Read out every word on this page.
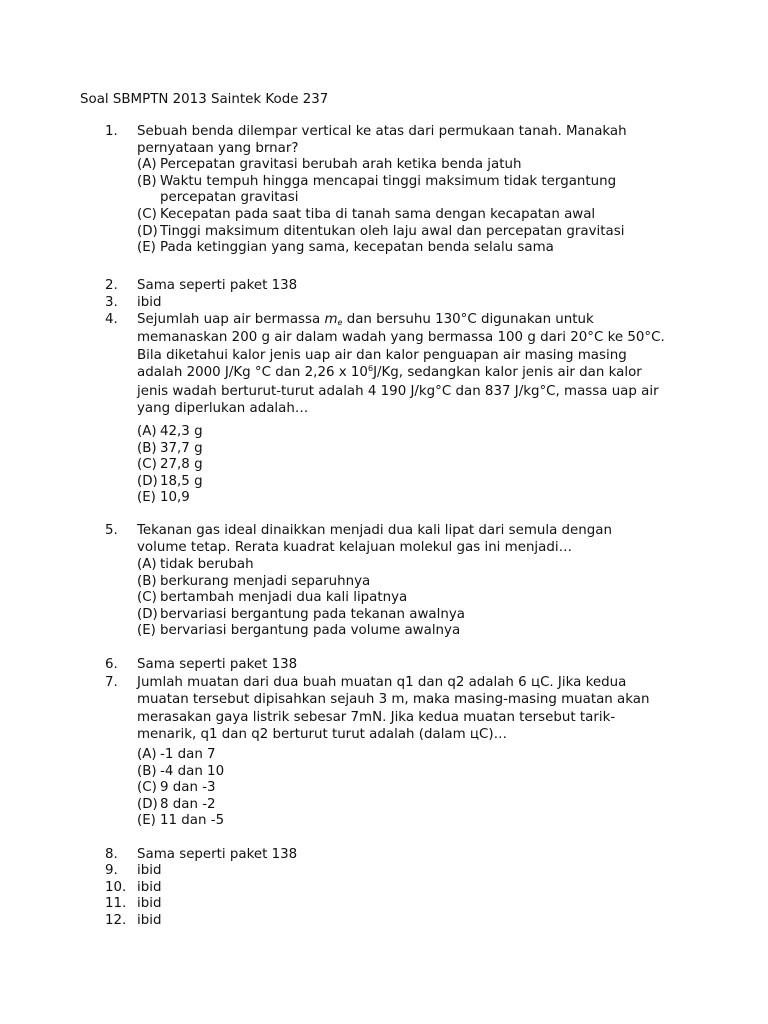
Soal SBMPTN 2013 Saintek Kode 237
1. Sebuah benda dilempar vertical ke atas dari permukaan tanah. Manakah
pernyataan yang brnar?
(A) Percepatan gravitasi berubah arah ketika benda jatuh
(B) Waktu tempuh hingga mencapai tinggi maksimum tidak tergantung
percepatan gravitasi
(C) Kecepatan pada saat tiba di tanah sama dengan kecapatan awal
(D) Tinggi maksimum ditentukan oleh laju awal dan percepatan gravitasi
(E) Pada ketinggian yang sama, kecepatan benda selalu sama
2. Sama seperti paket 138
3. ibid
4. Sejumlah uap air bermassa me dan bersuhu 130°C digunakan untuk
memanaskan 200 g air dalam wadah yang bermassa 100 g dari 20°C ke 50°C.
Bila diketahui kalor jenis uap air dan kalor penguapan air masing masing
adalah 2000 J/Kg °C dan 2,26 x $10^6J/Kg$, sedangkan kalor jenis air dan kalor
jenis wadah berturut-turut adalah 4 190 J/kg°C dan 837 J/kg°C, massa uap air
yang diperlukan adalah…
(A) 42,3 g
(B) 37,7 g
(C) 27,8 g
(D) 18,5 g
(E) 10,9
5. Tekanan gas ideal dinaikkan menjadi dua kali lipat dari semula dengan
volume tetap. Rerata kuadrat kelajuan molekul gas ini menjadi…
(A) tidak berubah
(B) berkurang menjadi separuhnya
(C) bertambah menjadi dua kali lipatnya
(D) bervariasi bergantung pada tekanan awalnya
(E) bervariasi bergantung pada volume awalnya
6. Sama seperti paket 138
7. Jumlah muatan dari dua buah muatan q1 dan q2 adalah 6 цC. Jika kedua
muatan tersebut dipisahkan sejauh 3 m, maka masing-masing muatan akan
merasakan gaya listrik sebesar 7mN. Jika kedua muatan tersebut tarik-
menarik, q1 dan q2 berturut turut adalah (dalam цC)…
(A) -1 dan 7
(B) -4 dan 10
(C) 9 dan -3
(D) 8 dan -2
(E) 11 dan -5
8. Sama seperti paket 138
9. ibid
10. ibid
11. ibid
12. ibid
